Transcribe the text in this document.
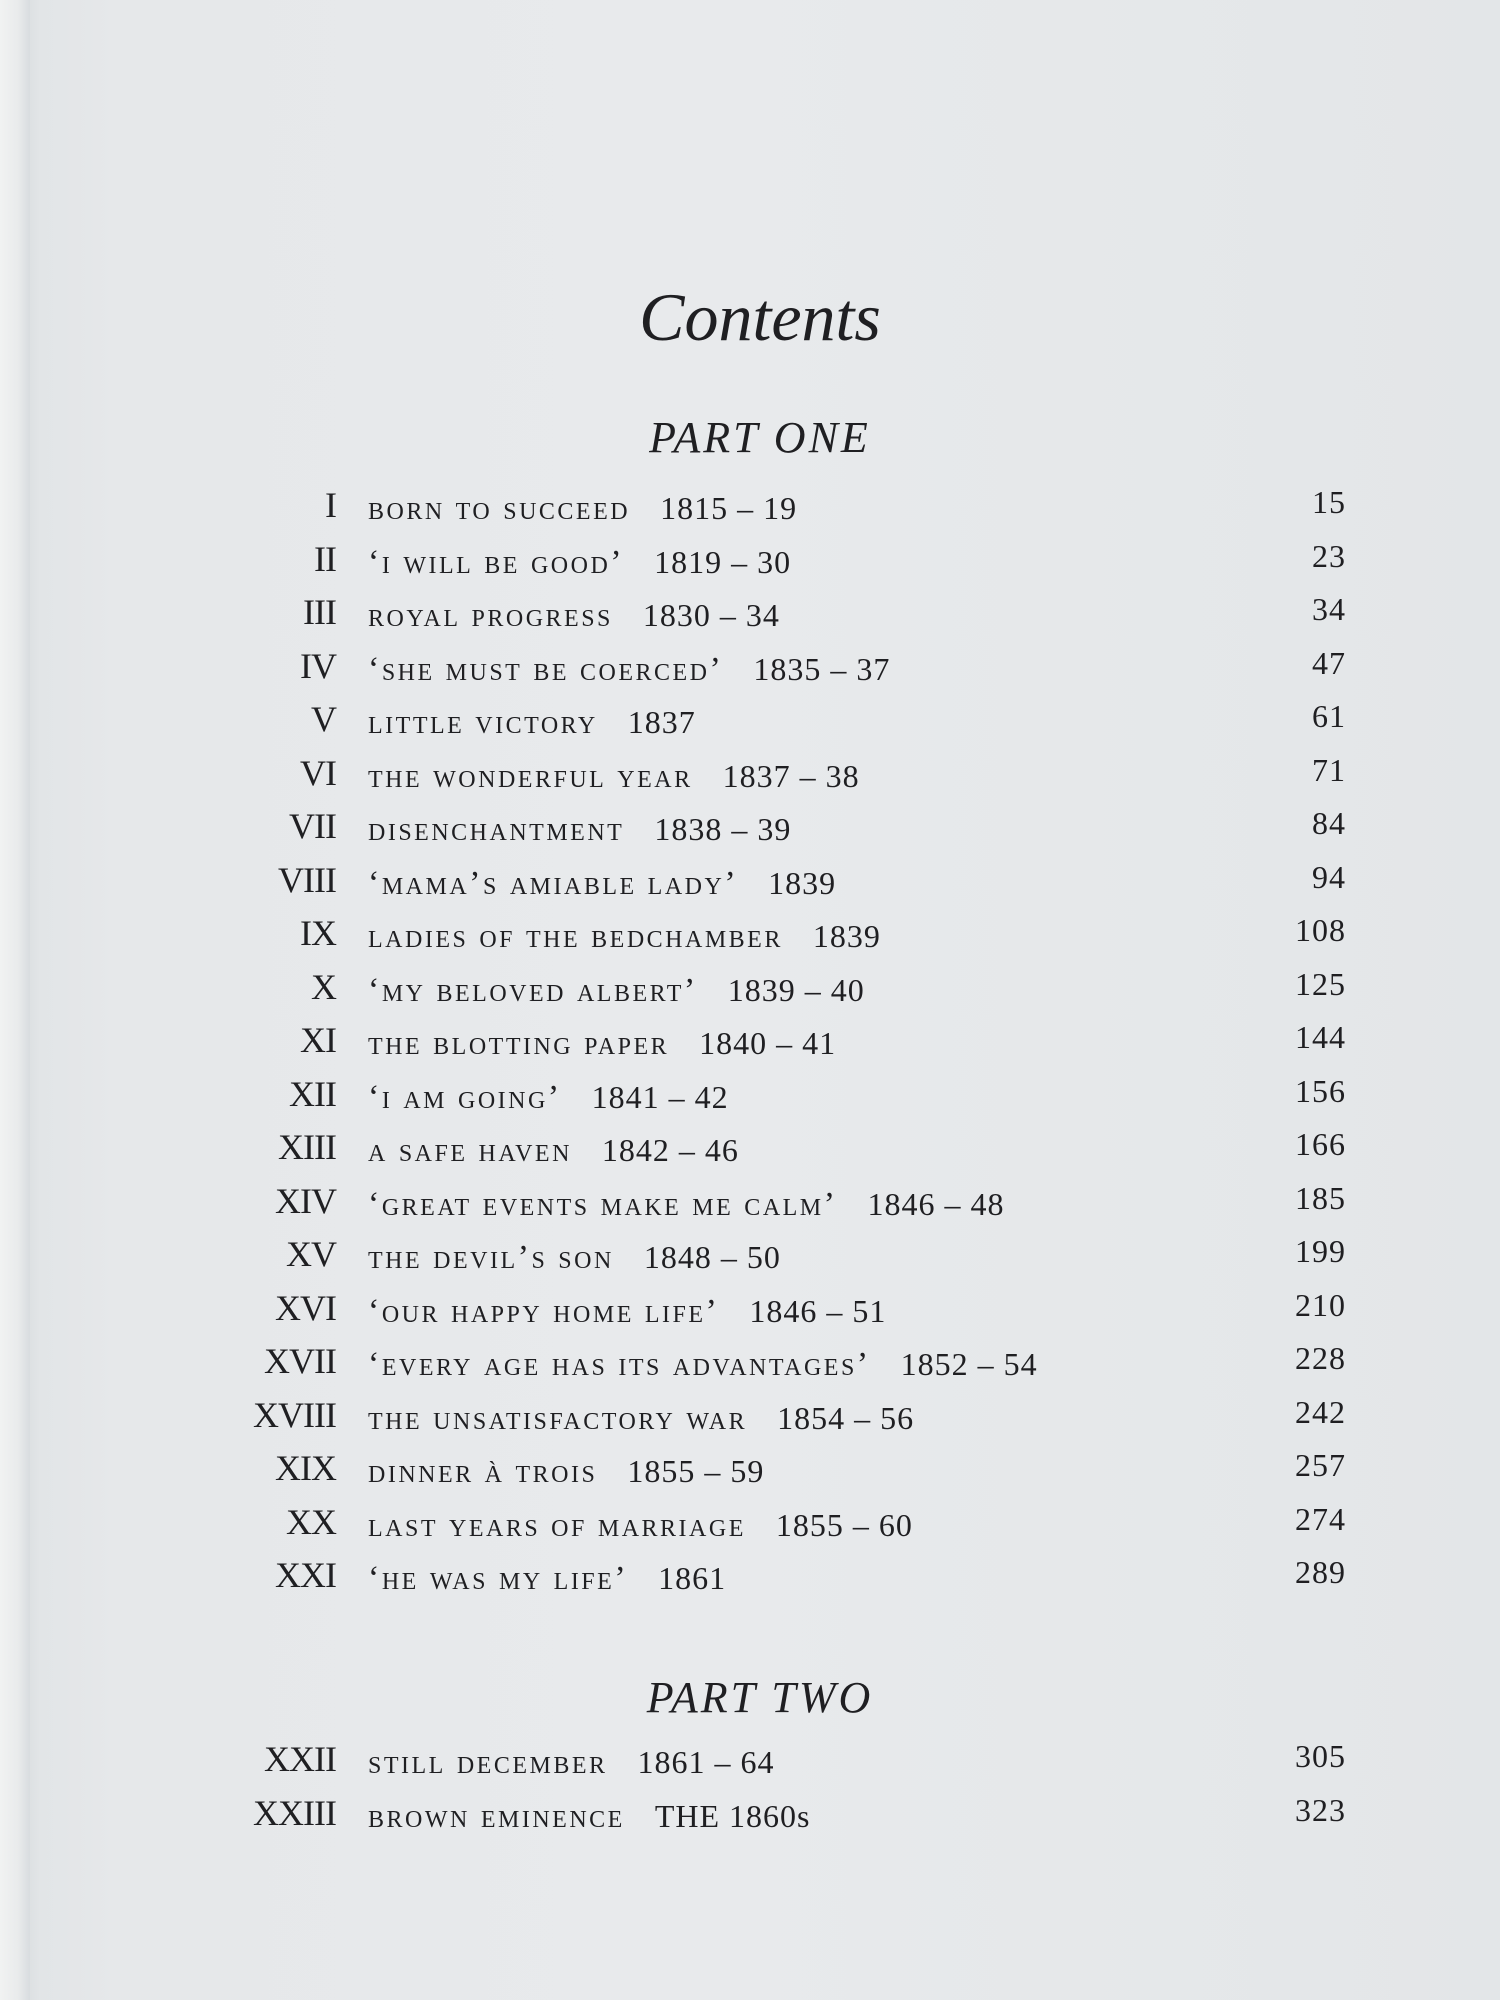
Contents
PART ONE
I born to succeed 1815 – 19	15
II ‘i will be good’ 1819 – 30	23
III royal progress 1830 – 34	34
IV ‘she must be coerced’ 1835 – 37	47
V little victory 1837	61
VI the wonderful year 1837 – 38	71
VII disenchantment 1838 – 39	84
VIII ‘mama’s amiable lady’ 1839	94
IX ladies of the bedchamber 1839	108
X ‘my beloved albert’ 1839 – 40	125
XI the blotting paper 1840 – 41	144
XII ‘i am going’ 1841 – 42	156
XIII a safe haven 1842 – 46	166
XIV ‘great events make me calm’ 1846 – 48	185
XV the devil’s son 1848 – 50	199
XVI ‘our happy home life’ 1846 – 51	210
XVII ‘every age has its advantages’ 1852 – 54	228
XVIII the unsatisfactory war 1854 – 56	242
XIX dinner à trois 1855 – 59	257
XX last years of marriage 1855 – 60	274
XXI ‘he was my life’ 1861	289
PART TWO
XXII still december 1861 – 64	305
XXIII brown eminence THE 1860s	323
